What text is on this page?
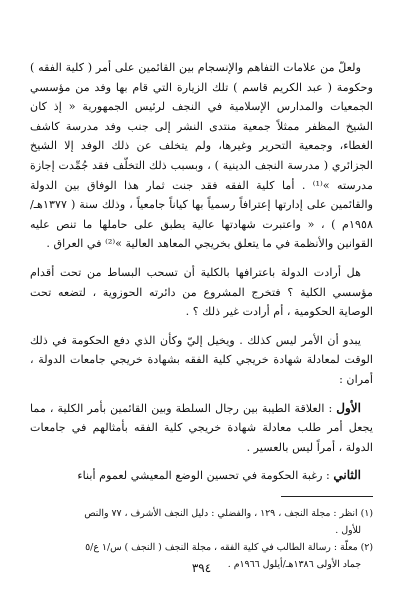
ولعلّ من علامات التفاهم والإنسجام بين القائمين على أمر ( كلية الفقه ) وحكومة ( عبد الكريم قاسم ) تلك الزيارة التي قام بها وفد من مؤسسي الجمعيات والمدارس الإسلامية في النجف لرئيس الجمهورية « إذ كان الشيخ المظفر ممثلاً جمعية منتدى النشر إلى جنب وفد مدرسة كاشف الغطاء، وجمعية التحرير وغيرها، ولم يتخلف عن ذلك الوفد إلا الشيخ الجزائري ( مدرسة النجف الدينية ) ، وبسبب ذلك التخلّف فقد جُمِّدت إجازة مدرسته »⁽¹⁾ . أما كلية الفقه فقد جنت ثمار هذا الوفاق بين الدولة والقائمين على إدارتها إعترافاً رسمياً بها كياناً جامعياً ، وذلك سنة ( ١٣٧٧هـ/ ١٩٥٨م ) ، « واعتبرت شهادتها عالية يطبق على حاملها ما تنص عليه القوانين والأنظمة في ما يتعلق بخريجي المعاهد العالية »⁽²⁾ في العراق .

هل أرادت الدولة باعترافها بالكلية أن تسحب البساط من تحت أقدام مؤسسي الكلية ؟ فتخرج المشروع من دائرته الحوزوية ، لتضعه تحت الوصاية الحكومية ، أم أرادت غير ذلك ؟ .

يبدو أن الأمر ليس كذلك . ويخيل إليّ وكأن الذي دفع الحكومة في ذلك الوقت لمعادلة شهادة خريجي كلية الفقه بشهادة خريجي جامعات الدولة ، أمران :

الأول : العلاقة الطيبة بين رجال السلطة وبين القائمين بأمر الكلية ، مما يجعل أمر طلب معادلة شهادة خريجي كلية الفقه بأمثالهم في جامعات الدولة ، أمراً ليس بالعسير .

الثاني : رغبة الحكومة في تحسين الوضع المعيشي لعموم أبناء

(١) انظر : مجلة النجف ، ١٢٩ ، والفضلي : دليل النجف الأشرف ، ٧٧ والنص

للأول .

(٢) معلّة : رسالة الطالب في كلية الفقه ، مجلة النجف ( النجف ) س/١ ع/٥

جماد الأولى ١٣٨٦هـ/أيلول ١٩٦٦م .

٣٩٤
